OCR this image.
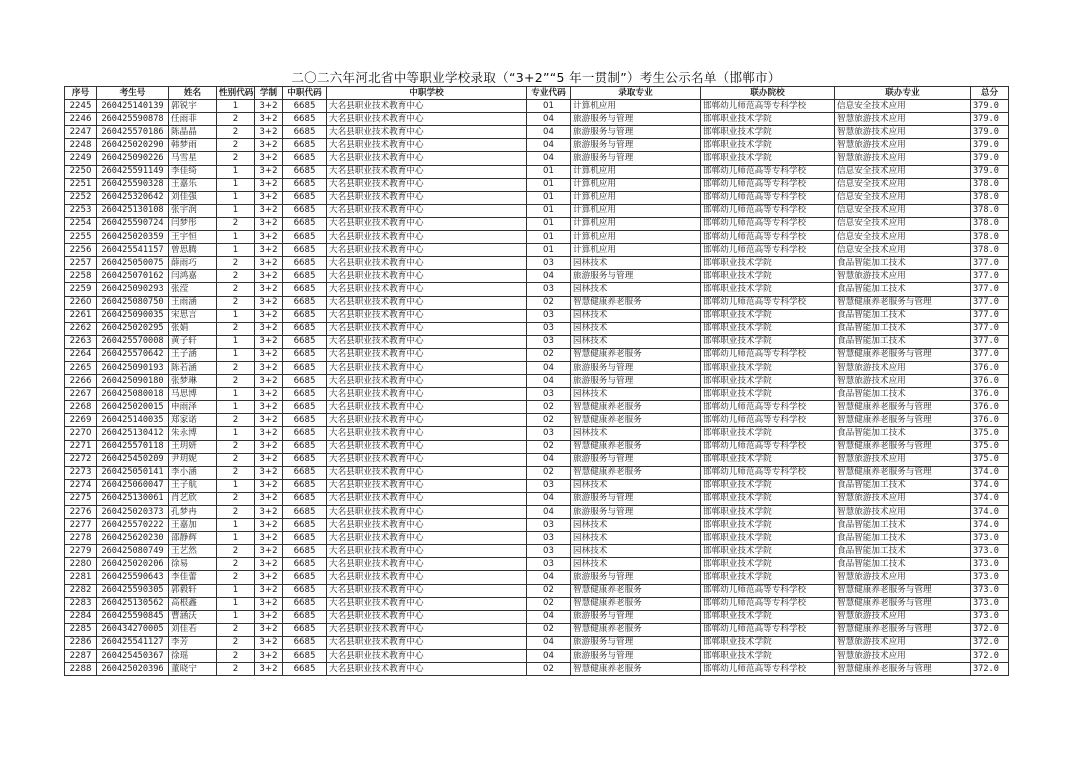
二〇二六年河北省中等职业学校录取（“3+2”“5 年一贯制”）考生公示名单（邯郸市）
序号	考生号	姓名	性别代码	学制	中职代码	中职学校	专业代码	录取专业	联办院校	联办专业	总分
2245	260425140139	郭锐宇	1	3+2	6685	大名县职业技术教育中心	01	计算机应用	邯郸幼儿师范高等专科学校	信息安全技术应用	379.0
2246	260425590878	任雨菲	2	3+2	6685	大名县职业技术教育中心	04	旅游服务与管理	邯郸职业技术学院	智慧旅游技术应用	379.0
2247	260425570186	陈晶晶	2	3+2	6685	大名县职业技术教育中心	04	旅游服务与管理	邯郸职业技术学院	智慧旅游技术应用	379.0
2248	260425020290	韩梦雨	2	3+2	6685	大名县职业技术教育中心	04	旅游服务与管理	邯郸职业技术学院	智慧旅游技术应用	379.0
2249	260425090226	马雪星	2	3+2	6685	大名县职业技术教育中心	04	旅游服务与管理	邯郸职业技术学院	智慧旅游技术应用	379.0
2250	260425591149	李佳绮	1	3+2	6685	大名县职业技术教育中心	01	计算机应用	邯郸幼儿师范高等专科学校	信息安全技术应用	379.0
2251	260425590328	王嘉乐	1	3+2	6685	大名县职业技术教育中心	01	计算机应用	邯郸幼儿师范高等专科学校	信息安全技术应用	378.0
2252	260425320642	刘佳强	1	3+2	6685	大名县职业技术教育中心	01	计算机应用	邯郸幼儿师范高等专科学校	信息安全技术应用	378.0
2253	260425130108	张宇润	1	3+2	6685	大名县职业技术教育中心	01	计算机应用	邯郸幼儿师范高等专科学校	信息安全技术应用	378.0
2254	260425590724	闫梦彤	2	3+2	6685	大名县职业技术教育中心	01	计算机应用	邯郸幼儿师范高等专科学校	信息安全技术应用	378.0
2255	260425020359	王宇恒	1	3+2	6685	大名县职业技术教育中心	01	计算机应用	邯郸幼儿师范高等专科学校	信息安全技术应用	378.0
2256	260425541157	曾思腾	1	3+2	6685	大名县职业技术教育中心	01	计算机应用	邯郸幼儿师范高等专科学校	信息安全技术应用	378.0
2257	260425050075	薛雨巧	2	3+2	6685	大名县职业技术教育中心	03	园林技术	邯郸职业技术学院	食品智能加工技术	377.0
2258	260425070162	闫鸿嘉	2	3+2	6685	大名县职业技术教育中心	04	旅游服务与管理	邯郸职业技术学院	智慧旅游技术应用	377.0
2259	260425090293	张滢	2	3+2	6685	大名县职业技术教育中心	03	园林技术	邯郸职业技术学院	食品智能加工技术	377.0
2260	260425080750	王雨涵	2	3+2	6685	大名县职业技术教育中心	02	智慧健康养老服务	邯郸幼儿师范高等专科学校	智慧健康养老服务与管理	377.0
2261	260425090035	宋思言	1	3+2	6685	大名县职业技术教育中心	03	园林技术	邯郸职业技术学院	食品智能加工技术	377.0
2262	260425020295	张娟	2	3+2	6685	大名县职业技术教育中心	03	园林技术	邯郸职业技术学院	食品智能加工技术	377.0
2263	260425570008	黄子轩	1	3+2	6685	大名县职业技术教育中心	03	园林技术	邯郸职业技术学院	食品智能加工技术	377.0
2264	260425570642	王子涵	1	3+2	6685	大名县职业技术教育中心	02	智慧健康养老服务	邯郸幼儿师范高等专科学校	智慧健康养老服务与管理	377.0
2265	260425090193	陈若涵	2	3+2	6685	大名县职业技术教育中心	04	旅游服务与管理	邯郸职业技术学院	智慧旅游技术应用	376.0
2266	260425090180	张梦琳	2	3+2	6685	大名县职业技术教育中心	04	旅游服务与管理	邯郸职业技术学院	智慧旅游技术应用	376.0
2267	260425080018	马思博	1	3+2	6685	大名县职业技术教育中心	03	园林技术	邯郸职业技术学院	食品智能加工技术	376.0
2268	260425020015	申雨泽	1	3+2	6685	大名县职业技术教育中心	02	智慧健康养老服务	邯郸幼儿师范高等专科学校	智慧健康养老服务与管理	376.0
2269	260425140035	郑家诺	2	3+2	6685	大名县职业技术教育中心	02	智慧健康养老服务	邯郸幼儿师范高等专科学校	智慧健康养老服务与管理	376.0
2270	260425130412	朱永博	1	3+2	6685	大名县职业技术教育中心	03	园林技术	邯郸职业技术学院	食品智能加工技术	375.0
2271	260425570118	王玥妍	2	3+2	6685	大名县职业技术教育中心	02	智慧健康养老服务	邯郸幼儿师范高等专科学校	智慧健康养老服务与管理	375.0
2272	260425450209	尹玥妮	2	3+2	6685	大名县职业技术教育中心	04	旅游服务与管理	邯郸职业技术学院	智慧旅游技术应用	375.0
2273	260425050141	李小涵	2	3+2	6685	大名县职业技术教育中心	02	智慧健康养老服务	邯郸幼儿师范高等专科学校	智慧健康养老服务与管理	374.0
2274	260425060047	王子航	1	3+2	6685	大名县职业技术教育中心	03	园林技术	邯郸职业技术学院	食品智能加工技术	374.0
2275	260425130061	肖艺欣	2	3+2	6685	大名县职业技术教育中心	04	旅游服务与管理	邯郸职业技术学院	智慧旅游技术应用	374.0
2276	260425020373	孔梦冉	2	3+2	6685	大名县职业技术教育中心	04	旅游服务与管理	邯郸职业技术学院	智慧旅游技术应用	374.0
2277	260425570222	王嘉加	1	3+2	6685	大名县职业技术教育中心	03	园林技术	邯郸职业技术学院	食品智能加工技术	374.0
2278	260425620230	邵静辉	1	3+2	6685	大名县职业技术教育中心	03	园林技术	邯郸职业技术学院	食品智能加工技术	373.0
2279	260425080749	王艺然	2	3+2	6685	大名县职业技术教育中心	03	园林技术	邯郸职业技术学院	食品智能加工技术	373.0
2280	260425020206	徐易	2	3+2	6685	大名县职业技术教育中心	03	园林技术	邯郸职业技术学院	食品智能加工技术	373.0
2281	260425590643	李佳蕾	2	3+2	6685	大名县职业技术教育中心	04	旅游服务与管理	邯郸职业技术学院	智慧旅游技术应用	373.0
2282	260425590305	郭毅轩	1	3+2	6685	大名县职业技术教育中心	02	智慧健康养老服务	邯郸幼儿师范高等专科学校	智慧健康养老服务与管理	373.0
2283	260425130562	高根鑫	1	3+2	6685	大名县职业技术教育中心	02	智慧健康养老服务	邯郸幼儿师范高等专科学校	智慧健康养老服务与管理	373.0
2284	260425590845	曹涵沃	1	3+2	6685	大名县职业技术教育中心	04	旅游服务与管理	邯郸职业技术学院	智慧旅游技术应用	373.0
2285	260434270005	刘佳若	2	3+2	6685	大名县职业技术教育中心	02	智慧健康养老服务	邯郸幼儿师范高等专科学校	智慧健康养老服务与管理	372.0
2286	260425541127	李芳	2	3+2	6685	大名县职业技术教育中心	04	旅游服务与管理	邯郸职业技术学院	智慧旅游技术应用	372.0
2287	260425450367	徐瑶	2	3+2	6685	大名县职业技术教育中心	04	旅游服务与管理	邯郸职业技术学院	智慧旅游技术应用	372.0
2288	260425020396	董晓宁	2	3+2	6685	大名县职业技术教育中心	02	智慧健康养老服务	邯郸幼儿师范高等专科学校	智慧健康养老服务与管理	372.0
